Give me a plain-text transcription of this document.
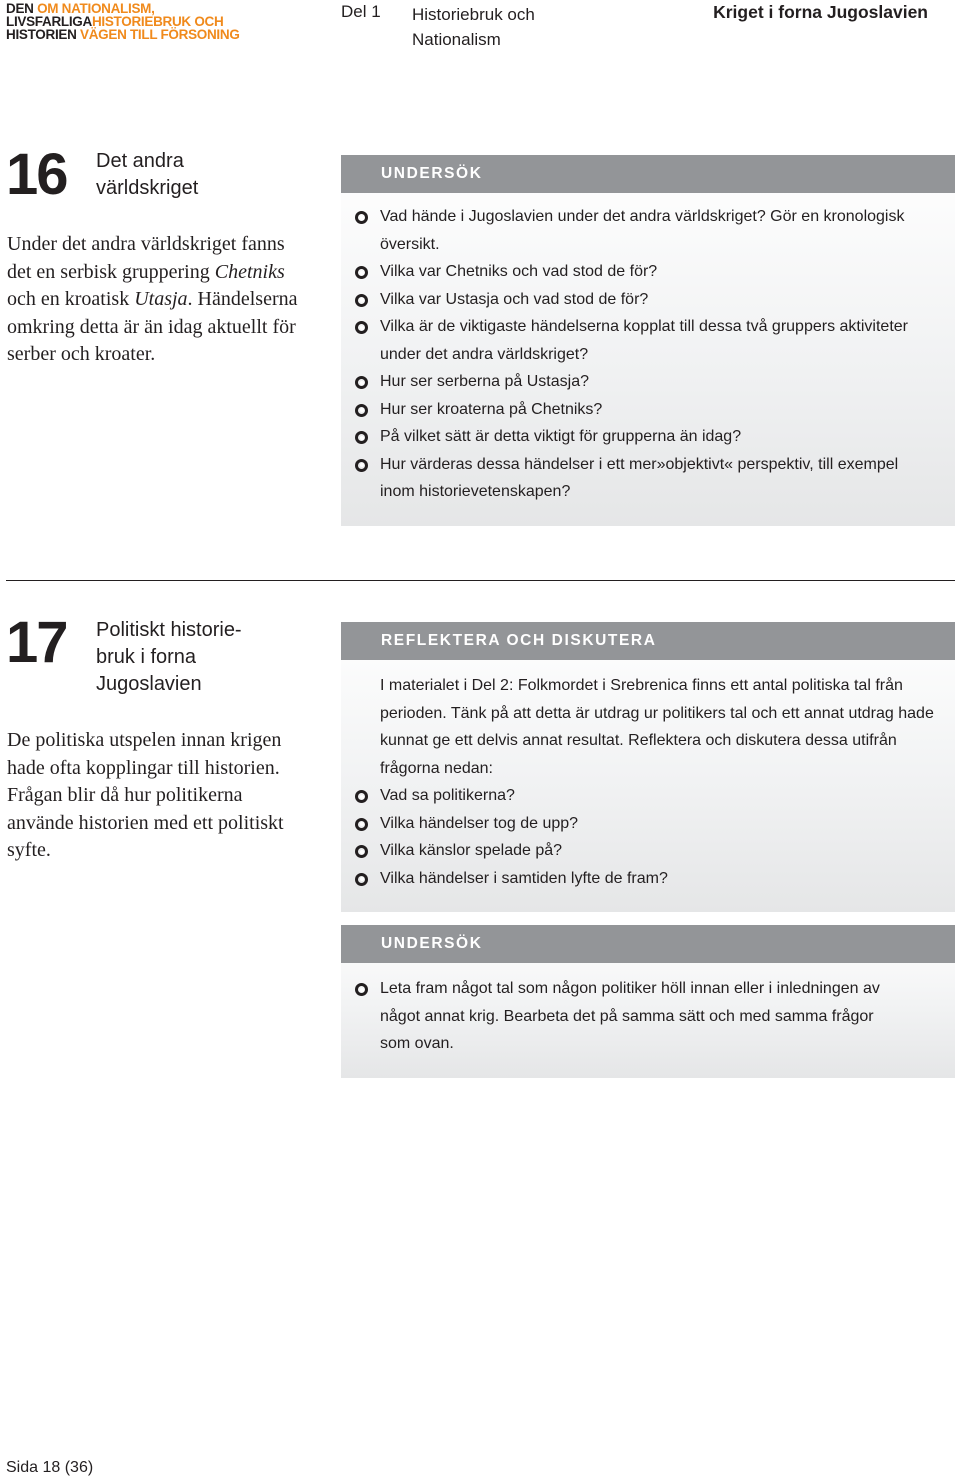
DEN OM NATIONALISM,
LIVSFARLIGAHISTORIEBRUK OCH
HISTORIEN VÄGEN TILL FÖRSONING
Del 1 Historiebruk och
Nationalism
Kriget i forna Jugoslavien
16 Det andra
världskriget
Under det andra världskriget fanns det en serbisk gruppering Chetniks och en kroatisk Utasja. Händelserna omkring detta är än idag aktuellt för serber och kroater.
UNDERSÖK
Vad hände i Jugoslavien under det andra världskriget? Gör en kronologisk översikt.
Vilka var Chetniks och vad stod de för?
Vilka var Ustasja och vad stod de för?
Vilka är de viktigaste händelserna kopplat till dessa två gruppers aktiviteter under det andra världskriget?
Hur ser serberna på Ustasja?
Hur ser kroaterna på Chetniks?
På vilket sätt är detta viktigt för grupperna än idag?
Hur värderas dessa händelser i ett mer»objektivt« perspektiv, till exempel inom historievetenskapen?
17 Politiskt historie-
bruk i forna
Jugoslavien
De politiska utspelen innan krigen hade ofta kopplingar till historien. Frågan blir då hur politikerna använde historien med ett politiskt syfte.
REFLEKTERA OCH DISKUTERA
I materialet i Del 2: Folkmordet i Srebrenica finns ett antal politiska tal från perioden. Tänk på att detta är utdrag ur politikers tal och ett annat utdrag hade kunnat ge ett delvis annat resultat. Reflektera och diskutera dessa utifrån frågorna nedan:
Vad sa politikerna?
Vilka händelser tog de upp?
Vilka känslor spelade på?
Vilka händelser i samtiden lyfte de fram?
UNDERSÖK
Leta fram något tal som någon politiker höll innan eller i inledningen av något annat krig. Bearbeta det på samma sätt och med samma frågor som ovan.
Sida 18 (36)
